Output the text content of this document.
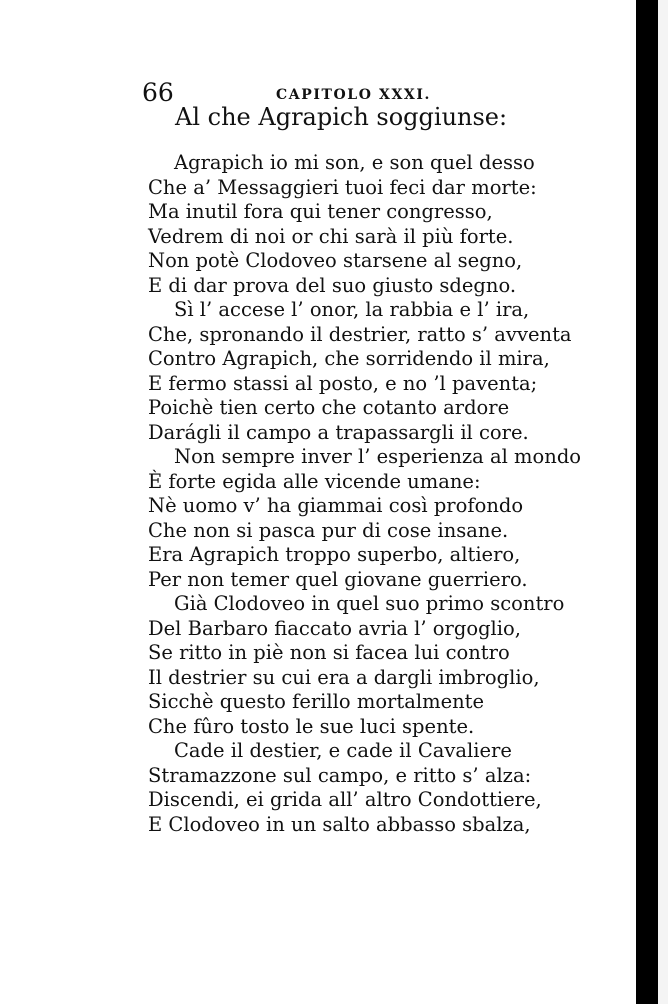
66	CAPITOLO XXXI.

Al che Agrapich soggiunse:

Agrapich io mi son, e son quel desso
Che a’ Messaggieri tuoi feci dar morte:
Ma inutil fora qui tener congresso,
Vedrem di noi or chi sarà il più forte.
Non potè Clodoveo starsene al segno,
E di dar prova del suo giusto sdegno.
Sì l’ accese l’ onor, la rabbia e l’ ira,
Che, spronando il destrier, ratto s’ avventa
Contro Agrapich, che sorridendo il mira,
E fermo stassi al posto, e no ’l paventa;
Poichè tien certo che cotanto ardore
Darágli il campo a trapassargli il core.
Non sempre inver l’ esperienza al mondo
È forte egida alle vicende umane:
Nè uomo v’ ha giammai così profondo
Che non si pasca pur di cose insane.
Era Agrapich troppo superbo, altiero,
Per non temer quel giovane guerriero.
Già Clodoveo in quel suo primo scontro
Del Barbaro fiaccato avria l’ orgoglio,
Se ritto in piè non si facea lui contro
Il destrier su cui era a dargli imbroglio,
Sicchè questo ferillo mortalmente
Che fûro tosto le sue luci spente.
Cade il destier, e cade il Cavaliere
Stramazzone sul campo, e ritto s’ alza:
Discendi, ei grida all’ altro Condottiere,
E Clodoveo in un salto abbasso sbalza,
